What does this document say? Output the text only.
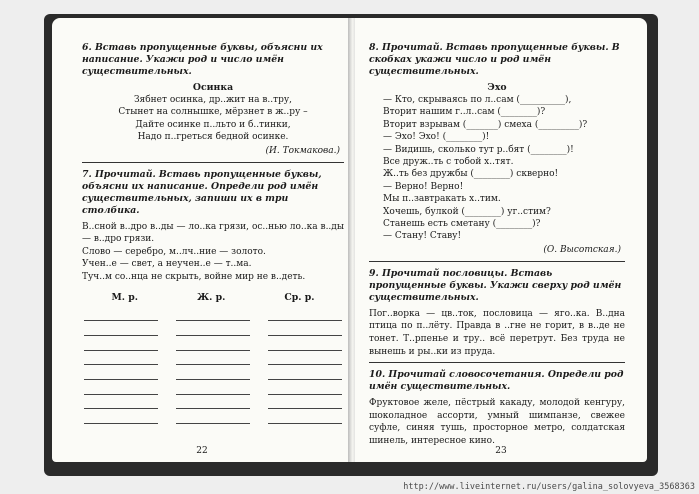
6. Вставь пропущенные буквы, объясни их написание. Укажи род и число имён существительных.
Осинка
Зябнет осинка, др..жит на в..тру,
Стынет на солнышке, мёрзнет в ж..ру –
Дайте осинке п..льто и б..тинки,
Надо п..греться бедной осинке.
(И. Токмакова.)
7. Прочитай. Вставь пропущенные буквы, объясни их написание. Определи род имён существительных, запиши их в три столбика.
В..сной в..дро в..ды — ло..ка грязи, ос..нью ло..ка в..ды — в..дро грязи.
Слово — серебро, м..лч..ние — золото.
Учен..е — свет, а неучен..е — т..ма.
Туч..м со..нца не скрыть, войне мир не в..деть.
М. р.	Ж. р.	Ср. р.
22
8. Прочитай. Вставь пропущенные буквы. В скобках укажи число и род имён существительных.
Эхо
— Кто, скрываясь по л..сам (__________),
Вторит нашим г..л..сам (________)?
Вторит взрывам (_______) смеха (_________)?
— Эхо! Эхо! (________)!
— Видишь, сколько тут р..бят (________)!
Все друж..ть с тобой х..тят.
Ж..ть без дружбы (________) скверно!
— Верно! Верно!
Мы п..завтракать х..тим.
Хочешь, булкой (________) уг..стим?
Станешь есть сметану (________)?
— Стану! Ставу!
(О. Высотская.)
9. Прочитай пословицы. Вставь пропущенные буквы. Укажи сверху род имён существительных.
Пог..ворка — цв..ток, пословица — яго..ка. В..дна птица по п..лёту. Правда в ..гне не горит, в в..де не тонет. Т..рпенье и тру.. всё перетрут. Без труда не вынешь и ры..ки из пруда.
10. Прочитай словосочетания. Определи род имён существительных.
Фруктовое желе, пёстрый какаду, молодой кенгуру, шоколадное ассорти, умный шимпанзе, свежее суфле, синяя тушь, просторное метро, солдатская шинель, интересное кино.
23
http://www.liveinternet.ru/users/galina_solovyeva_3568363
